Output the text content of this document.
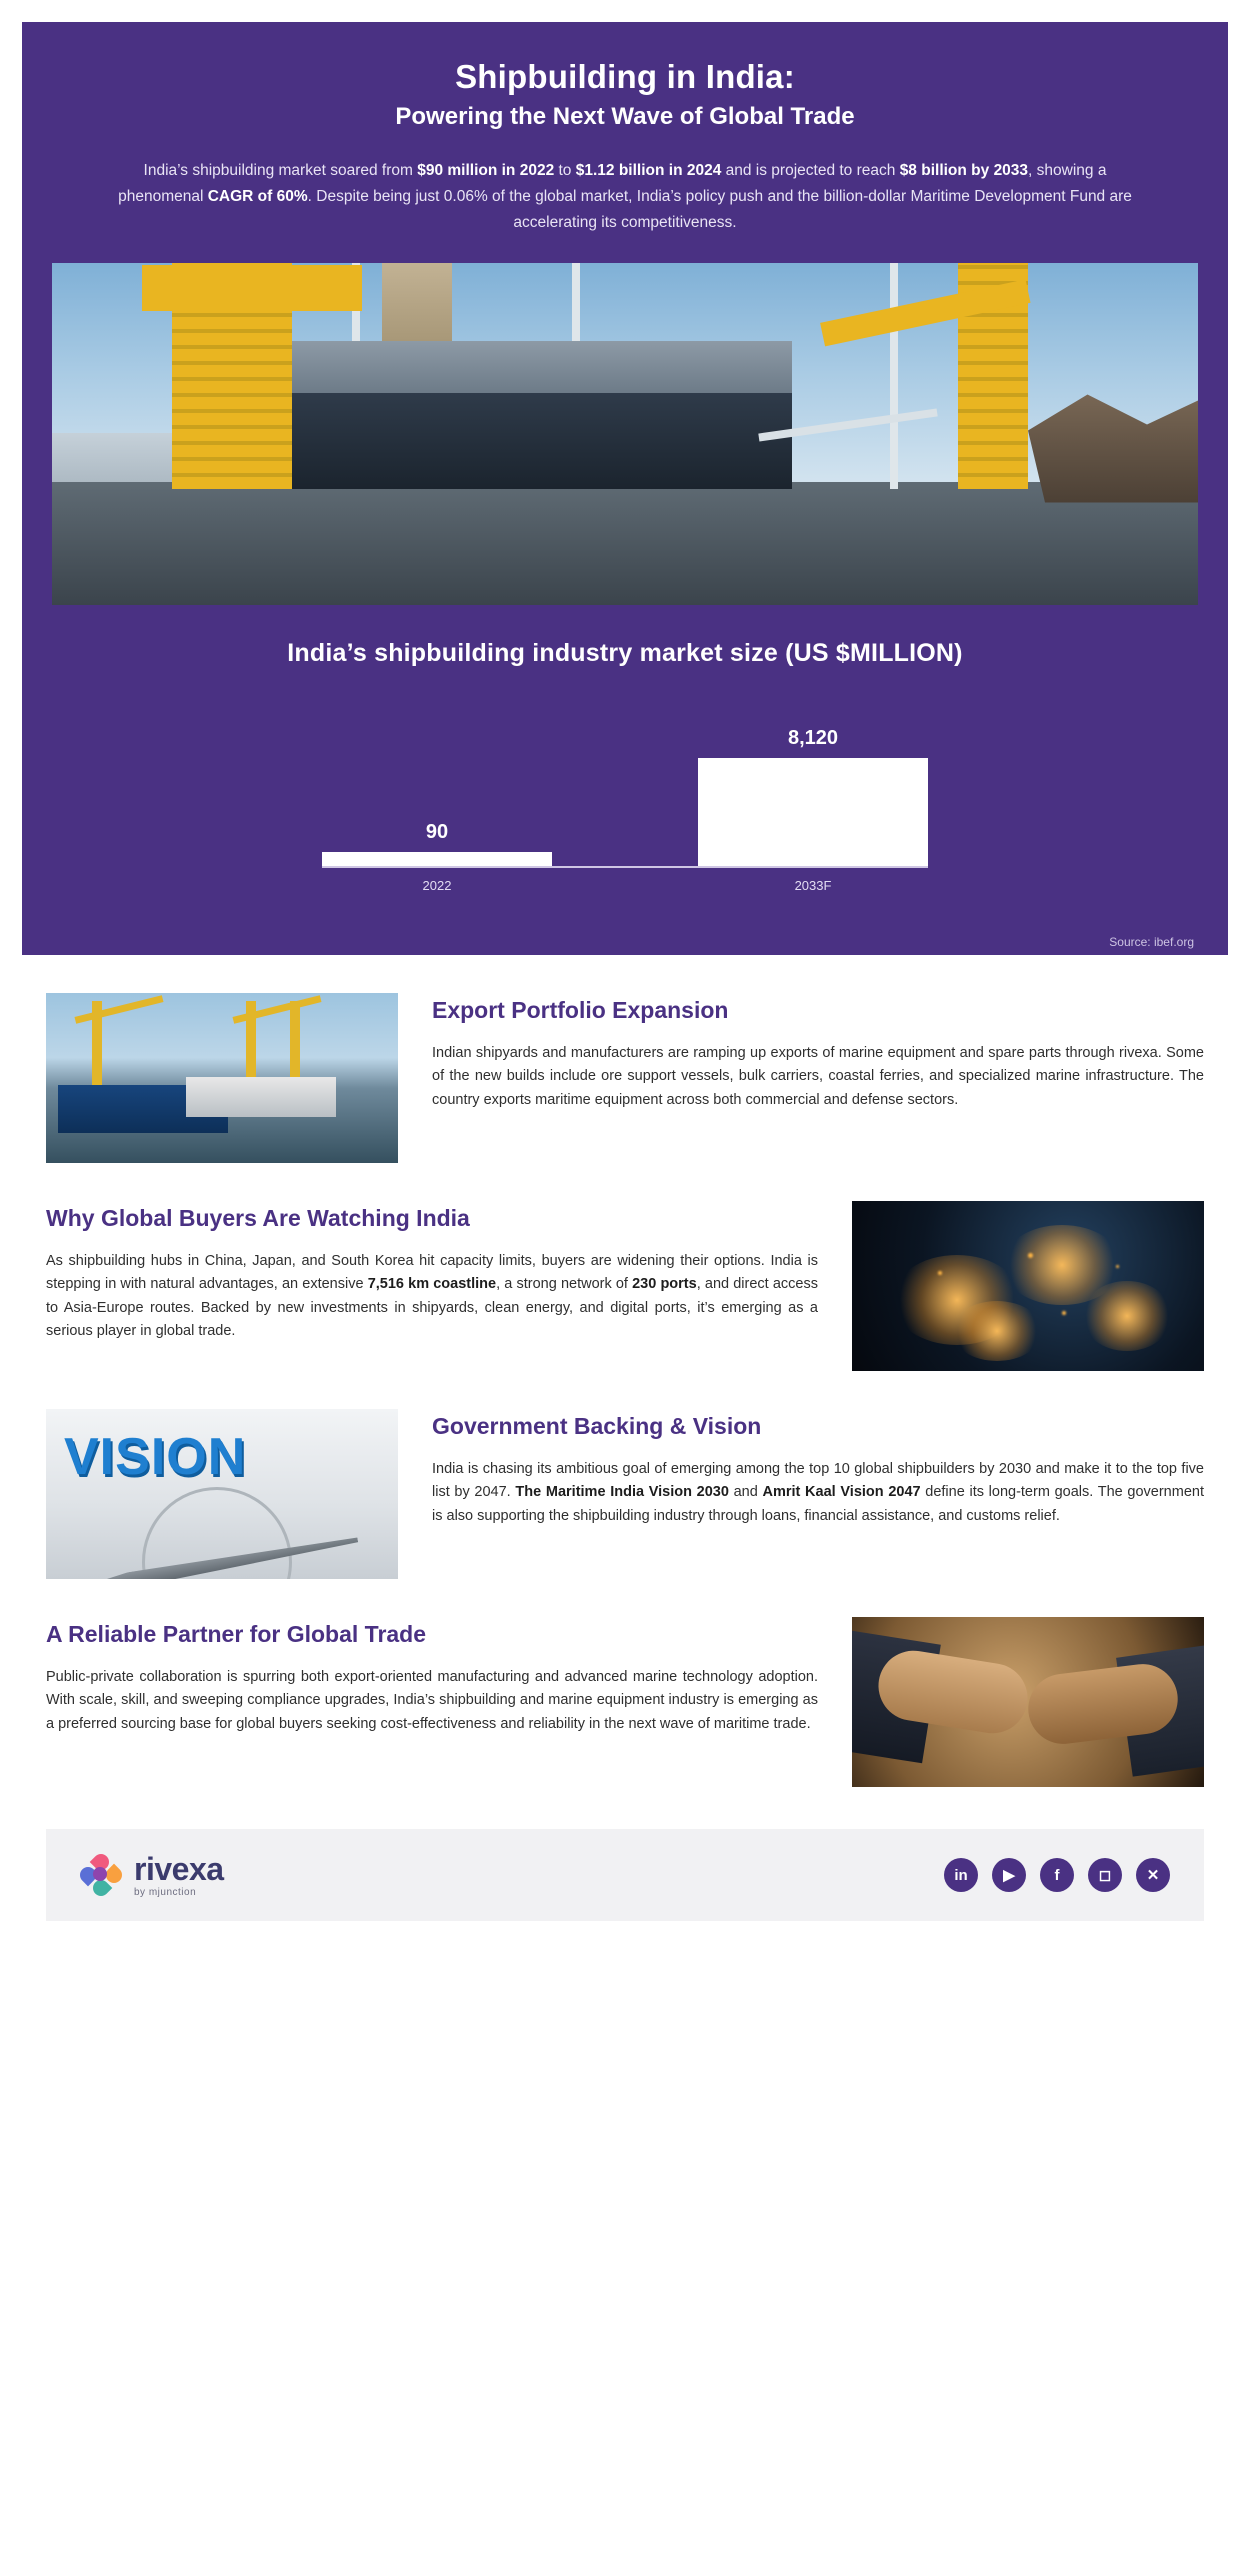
Shipbuilding in India:
Powering the Next Wave of Global Trade

India’s shipbuilding market soared from $90 million in 2022 to $1.12 billion in 2024 and is projected to reach $8 billion by 2033, showing a phenomenal CAGR of 60%. Despite being just 0.06% of the global market, India’s policy push and the billion-dollar Maritime Development Fund are accelerating its competitiveness.

India’s shipbuilding industry market size (US $MILLION)
90
8,120
2022	2033F
Source: ibef.org
Export Portfolio Expansion

Indian shipyards and manufacturers are ramping up exports of marine equipment and spare parts through rivexa. Some of the new builds include ore support vessels, bulk carriers, coastal ferries, and specialized marine infrastructure. The country exports maritime equipment across both commercial and defense sectors.

Why Global Buyers Are Watching India

As shipbuilding hubs in China, Japan, and South Korea hit capacity limits, buyers are widening their options. India is stepping in with natural advantages, an extensive 7,516 km coastline, a strong network of 230 ports, and direct access to Asia-Europe routes. Backed by new investments in shipyards, clean energy, and digital ports, it’s emerging as a serious player in global trade.

VISION
Government Backing & Vision

India is chasing its ambitious goal of emerging among the top 10 global shipbuilders by 2030 and make it to the top five list by 2047. The Maritime India Vision 2030 and Amrit Kaal Vision 2047 define its long-term goals. The government is also supporting the shipbuilding industry through loans, financial assistance, and customs relief.

A Reliable Partner for Global Trade

Public-private collaboration is spurring both export-oriented manufacturing and advanced marine technology adoption. With scale, skill, and sweeping compliance upgrades, India’s shipbuilding and marine equipment industry is emerging as a preferred sourcing base for global buyers seeking cost-effectiveness and reliability in the next wave of maritime trade.

rivexa
by mjunction
in	▶	f	◻	✕
